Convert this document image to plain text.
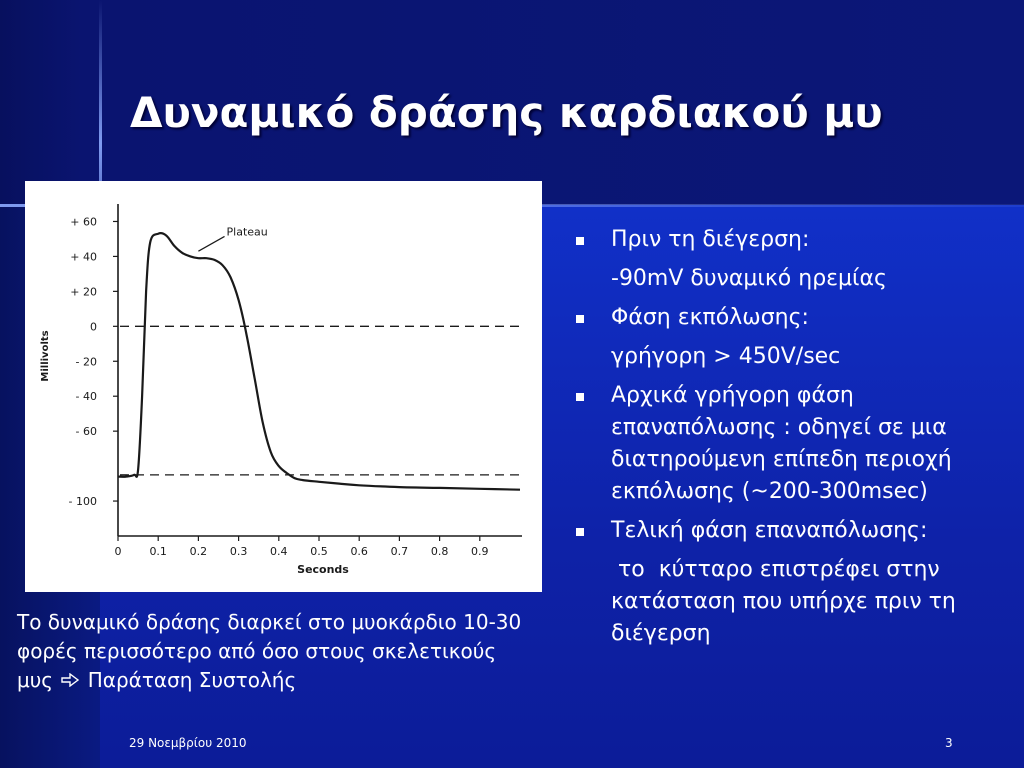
Δυναμικό δράσης καρδιακού μυ
+ 60
+ 40
+ 20
0
- 20
- 40
- 60
- 100
0	0.1 0.2 0.3 0.4 0.5 0.6 0.7 0.8 0.9
Plateau
Millivolts
Seconds

Το δυναμικό δράσης διαρκεί στο μυοκάρδιο 10-30 φορές περισσότερο από όσο στους σκελετικούς μυς Παράταση Συστολής

Πριν τη διέγερση:
-90mV δυναμικό ηρεμίας
Φάση εκπόλωσης:
γρήγορη > 450V/sec
Αρχικά γρήγορη φάση επαναπόλωσης : οδηγεί σε μια διατηρούμενη επίπεδη περιοχή εκπόλωσης (~200-300msec)
Τελική φάση επαναπόλωσης:
το  κύτταρο επιστρέφει στην κατάσταση που υπήρχε πριν τη διέγερση
29 Νοεμβρίου 2010	3
